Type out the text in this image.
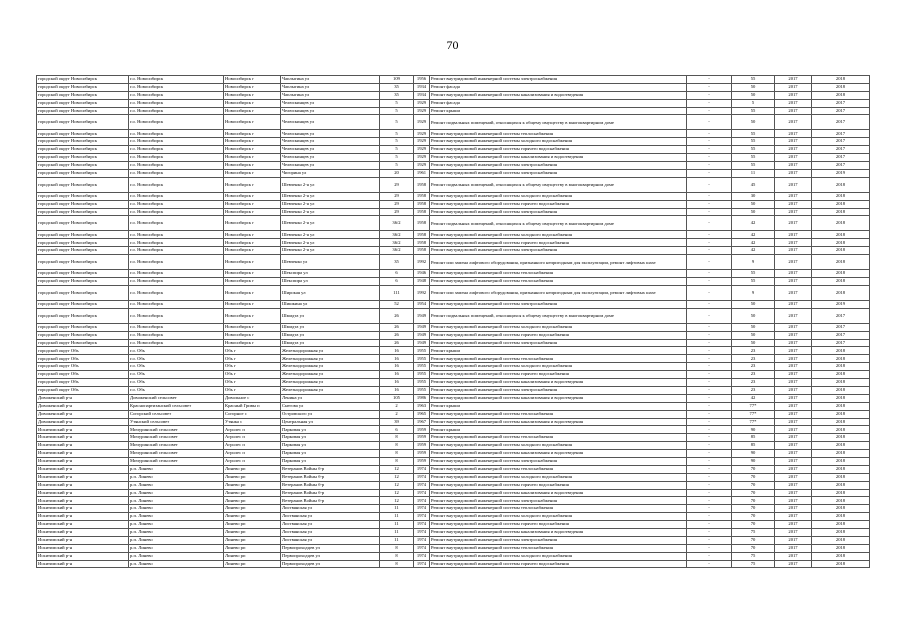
70
городской округ Новосибирск	г.о. Новосибирск	Новосибирск г	Чаплыгина ул	109	1956	Ремонт внутридомовой инженерной системы электроснабжения	-	55	2017	2018
городской округ Новосибирск	г.о. Новосибирск	Новосибирск г	Чаплыгина ул	35	1934	Ремонт фасада	-	50	2017	2018
городской округ Новосибирск	г.о. Новосибирск	Новосибирск г	Чаплыгина ул	35	1934	Ремонт внутридомовой инженерной системы канализования и водоотведения	-	50	2017	2018
городской округ Новосибирск	г.о. Новосибирск	Новосибирск г	Челюскинцев ул	5	1929	Ремонт фасада	-	5	2017	2017
городской округ Новосибирск	г.о. Новосибирск	Новосибирск г	Челюскинцев ул	5	1929	Ремонт крыши	-	55	2017	2017
городской округ Новосибирск	г.о. Новосибирск	Новосибирск г	Челюскинцев ул	5	1929	Ремонт подвальных помещений, относящихся к общему имуществу в многоквартирном доме	-	50	2017	2017
городской округ Новосибирск	г.о. Новосибирск	Новосибирск г	Челюскинцев ул	5	1929	Ремонт внутридомовой инженерной системы теплоснабжения	-	55	2017	2017
городской округ Новосибирск	г.о. Новосибирск	Новосибирск г	Челюскинцев ул	5	1929	Ремонт внутридомовой инженерной системы холодного водоснабжения	-	55	2017	2017
городской округ Новосибирск	г.о. Новосибирск	Новосибирск г	Челюскинцев ул	5	1929	Ремонт внутридомовой инженерной системы горячего водоснабжения	-	55	2017	2017
городской округ Новосибирск	г.о. Новосибирск	Новосибирск г	Челюскинцев ул	5	1929	Ремонт внутридомовой инженерной системы канализования и водоотведения	-	55	2017	2017
городской округ Новосибирск	г.о. Новосибирск	Новосибирск г	Челюскинцев ул	5	1929	Ремонт внутридомовой инженерной системы электроснабжения	-	55	2017	2017
городской округ Новосибирск	г.о. Новосибирск	Новосибирск г	Чигорина ул	20	1961	Ремонт внутридомовой инженерной системы электроснабжения	-	11	2017	2019
городской округ Новосибирск	г.о. Новосибирск	Новосибирск г	Шевченко 2-я ул	29	1958	Ремонт подвальных помещений, относящихся к общему имуществу в многоквартирном доме	-	45	2017	2018
городской округ Новосибирск	г.о. Новосибирск	Новосибирск г	Шевченко 2-я ул	29	1958	Ремонт внутридомовой инженерной системы холодного водоснабжения	-	30	2017	2018
городской округ Новосибирск	г.о. Новосибирск	Новосибирск г	Шевченко 2-я ул	29	1958	Ремонт внутридомовой инженерной системы горячего водоснабжения	-	50	2017	2018
городской округ Новосибирск	г.о. Новосибирск	Новосибирск г	Шевченко 2-я ул	29	1958	Ремонт внутридомовой инженерной системы электроснабжения	-	50	2017	2018
городской округ Новосибирск	г.о. Новосибирск	Новосибирск г	Шевченко 2-я ул	36/2	1958	Ремонт подвальных помещений, относящихся к общему имуществу в многоквартирном доме	-	42	2017	2018
городской округ Новосибирск	г.о. Новосибирск	Новосибирск г	Шевченко 2-я ул	36/2	1958	Ремонт внутридомовой инженерной системы холодного водоснабжения	-	42	2017	2018
городской округ Новосибирск	г.о. Новосибирск	Новосибирск г	Шевченко 2-я ул	36/2	1958	Ремонт внутридомовой инженерной системы горячего водоснабжения	-	42	2017	2018
городской округ Новосибирск	г.о. Новосибирск	Новосибирск г	Шевченко 2-я ул	36/2	1958	Ремонт внутридомовой инженерной системы электроснабжения	-	42	2017	2018
городской округ Новосибирск	г.о. Новосибирск	Новосибирск г	Шевченко ул	35	1992	Ремонт или замена лифтового оборудования, признанного непригодным для эксплуатации, ремонт лифтовых шахт	-	9	2017	2018
городской округ Новосибирск	г.о. Новосибирск	Новосибирск г	Шекспира ул	6	1946	Ремонт внутридомовой инженерной системы теплоснабжения	-	55	2017	2018
городской округ Новосибирск	г.о. Новосибирск	Новосибирск г	Шекспира ул	6	1948	Ремонт внутридомовой инженерной системы теплоснабжения	-	55	2017	2018
городской округ Новосибирск	г.о. Новосибирск	Новосибирск г	Широкая ул	111	1992	Ремонт или замена лифтового оборудования, признанного непригодным для эксплуатации, ремонт лифтовых шахт	-	9	2017	2018
городской округ Новосибирск	г.о. Новосибирск	Новосибирск г	Шишкина ул	52	1954	Ремонт внутридомовой инженерной системы электроснабжения	-	50	2017	2019
городской округ Новосибирск	г.о. Новосибирск	Новосибирск г	Шмидта ул	26	1949	Ремонт подвальных помещений, относящихся к общему имуществу в многоквартирном доме	-	50	2017	2017
городской округ Новосибирск	г.о. Новосибирск	Новосибирск г	Шмидта ул	26	1949	Ремонт внутридомовой инженерной системы холодного водоснабжения	-	50	2017	2017
городской округ Новосибирск	г.о. Новосибирск	Новосибирск г	Шмидта ул	26	1949	Ремонт внутридомовой инженерной системы горячего водоснабжения	-	50	2017	2017
городской округ Новосибирск	г.о. Новосибирск	Новосибирск г	Шмидта ул	26	1949	Ремонт внутридомовой инженерной системы электроснабжения	-	50	2017	2017
городской округ Обь	г.о. Обь	Обь г	Железнодорожная ул	16	1955	Ремонт крыши	-	23	2017	2018
городской округ Обь	г.о. Обь	Обь г	Железнодорожная ул	16	1955	Ремонт внутридомовой инженерной системы теплоснабжения	-	23	2017	2018
городской округ Обь	г.о. Обь	Обь г	Железнодорожная ул	16	1955	Ремонт внутридомовой инженерной системы холодного водоснабжения	-	23	2017	2018
городской округ Обь	г.о. Обь	Обь г	Железнодорожная ул	16	1955	Ремонт внутридомовой инженерной системы горячего водоснабжения	-	23	2017	2018
городской округ Обь	г.о. Обь	Обь г	Железнодорожная ул	16	1955	Ремонт внутридомовой инженерной системы канализования и водоотведения	-	23	2017	2018
городской округ Обь	г.о. Обь	Обь г	Железнодорожная ул	16	1955	Ремонт внутридомовой инженерной системы электроснабжения	-	23	2017	2018
Довоженский р-н	Довоженский сельсовет	Довольное с	Ленина ул	105	1986	Ремонт внутридомовой инженерной системы канализования и водоотведения	-	42	2017	2018
Довоженский р-н	Краснопартизанский сельсовет	Красный Гривы п	Снегова ул	2	1963	Ремонт крыши	-	77*	2017	2018
Довоженский р-н	Согорский сельсовет	Согорное с	Островского ул	2	1965	Ремонт внутридомовой инженерной системы теплоснабжения	-	77*	2017	2018
Довоженский р-н	Утянский сельсовет	Утянка с	Центральная ул	39	1967	Ремонт внутридомовой инженерной системы канализования и водоотведения	-	77*	2017	2018
Искитимский р-н	Мичуринский сельсовет	Агролес п	Парковая ул	6	1959	Ремонт крыши	-	90	2017	2018
Искитимский р-н	Мичуринский сельсовет	Агролес п	Парковая ул	8	1959	Ремонт внутридомовой инженерной системы теплоснабжения	-	85	2017	2018
Искитимский р-н	Мичуринский сельсовет	Агролес п	Парковая ул	8	1959	Ремонт внутридомовой инженерной системы холодного водоснабжения	-	85	2017	2018
Искитимский р-н	Мичуринский сельсовет	Агролес п	Парковая ул	8	1959	Ремонт внутридомовой инженерной системы канализования и водоотведения	-	90	2017	2018
Искитимский р-н	Мичуринский сельсовет	Агролес п	Парковая ул	8	1959	Ремонт внутридомовой инженерной системы электроснабжения	-	90	2017	2018
Искитимский р-н	р.п. Линево	Линево рп	Ветеранов Войны б-р	12	1974	Ремонт внутридомовой инженерной системы теплоснабжения	-	70	2017	2018
Искитимский р-н	р.п. Линево	Линево рп	Ветеранов Войны б-р	12	1974	Ремонт внутридомовой инженерной системы холодного водоснабжения	-	70	2017	2018
Искитимский р-н	р.п. Линево	Линево рп	Ветеранов Войны б-р	12	1974	Ремонт внутридомовой инженерной системы горячего водоснабжения	-	70	2017	2018
Искитимский р-н	р.п. Линево	Линево рп	Ветеранов Войны б-р	12	1974	Ремонт внутридомовой инженерной системы канализования и водоотведения	-	70	2017	2018
Искитимский р-н	р.п. Линево	Линево рп	Ветеранов Войны б-р	12	1974	Ремонт внутридомовой инженерной системы электроснабжения	-	70	2017	2018
Искитимский р-н	р.п. Линево	Линево рп	Листвянская ул	11	1974	Ремонт внутридомовой инженерной системы теплоснабжения	-	70	2017	2018
Искитимский р-н	р.п. Линево	Линево рп	Листвянская ул	11	1974	Ремонт внутридомовой инженерной системы холодного водоснабжения	-	70	2017	2018
Искитимский р-н	р.п. Линево	Линево рп	Листвянская ул	11	1974	Ремонт внутридомовой инженерной системы горячего водоснабжения	-	70	2017	2018
Искитимский р-н	р.п. Линево	Линево рп	Листвянская ул	11	1974	Ремонт внутридомовой инженерной системы канализования и водоотведения	-	75	2017	2018
Искитимский р-н	р.п. Линево	Линево рп	Листвянская ул	11	1974	Ремонт внутридомовой инженерной системы электроснабжения	-	70	2017	2018
Искитимский р-н	р.п. Линево	Линево рп	Первопроходцев ул	8	1974	Ремонт внутридомовой инженерной системы теплоснабжения	-	70	2017	2018
Искитимский р-н	р.п. Линево	Линево рп	Первопроходцев ул	8	1974	Ремонт внутридомовой инженерной системы холодного водоснабжения	-	75	2017	2018
Искитимский р-н	р.п. Линево	Линево рп	Первопроходцев ул	8	1974	Ремонт внутридомовой инженерной системы горячего водоснабжения	-	75	2017	2018
